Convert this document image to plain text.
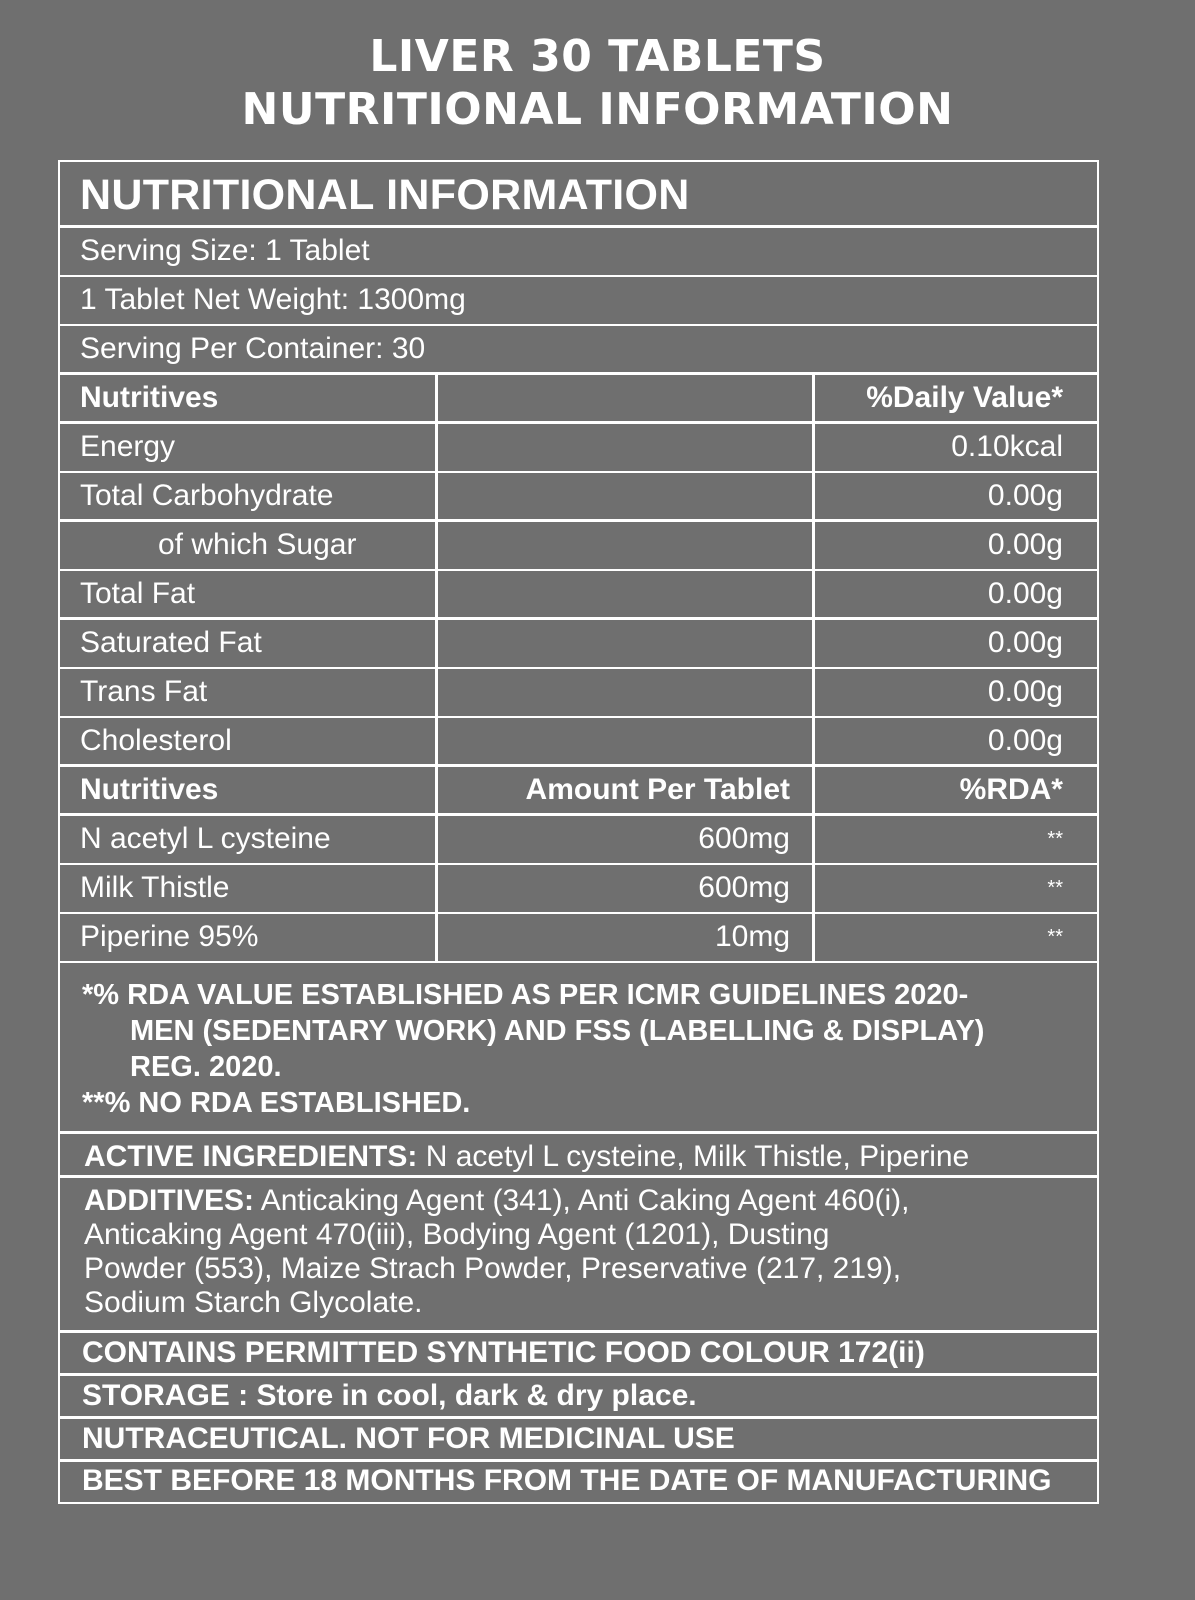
LIVER 30 TABLETS
NUTRITIONAL INFORMATION
NUTRITIONAL INFORMATION
Serving Size: 1 Tablet
1 Tablet Net Weight: 1300mg
Serving Per Container: 30
Nutritives	%Daily Value*
Energy	0.10kcal
Total Carbohydrate	0.00g
of which Sugar	0.00g
Total Fat	0.00g
Saturated Fat	0.00g
Trans Fat	0.00g
Cholesterol	0.00g
Nutritives	Amount Per Tablet	%RDA*
N acetyl L cysteine	600mg	**
Milk Thistle	600mg	**
Piperine 95%	10mg	**
*% RDA VALUE ESTABLISHED AS PER ICMR GUIDELINES 2020-
MEN (SEDENTARY WORK) AND FSS (LABELLING & DISPLAY)
REG. 2020.
**% NO RDA ESTABLISHED.
ACTIVE INGREDIENTS: N acetyl L cysteine, Milk Thistle, Piperine
ADDITIVES: Anticaking Agent (341), Anti Caking Agent 460(i),
Anticaking Agent 470(iii), Bodying Agent (1201), Dusting
Powder (553), Maize Strach Powder, Preservative (217, 219),
Sodium Starch Glycolate.
CONTAINS PERMITTED SYNTHETIC FOOD COLOUR 172(ii)
STORAGE : Store in cool, dark & dry place.
NUTRACEUTICAL. NOT FOR MEDICINAL USE
BEST BEFORE 18 MONTHS FROM THE DATE OF MANUFACTURING
